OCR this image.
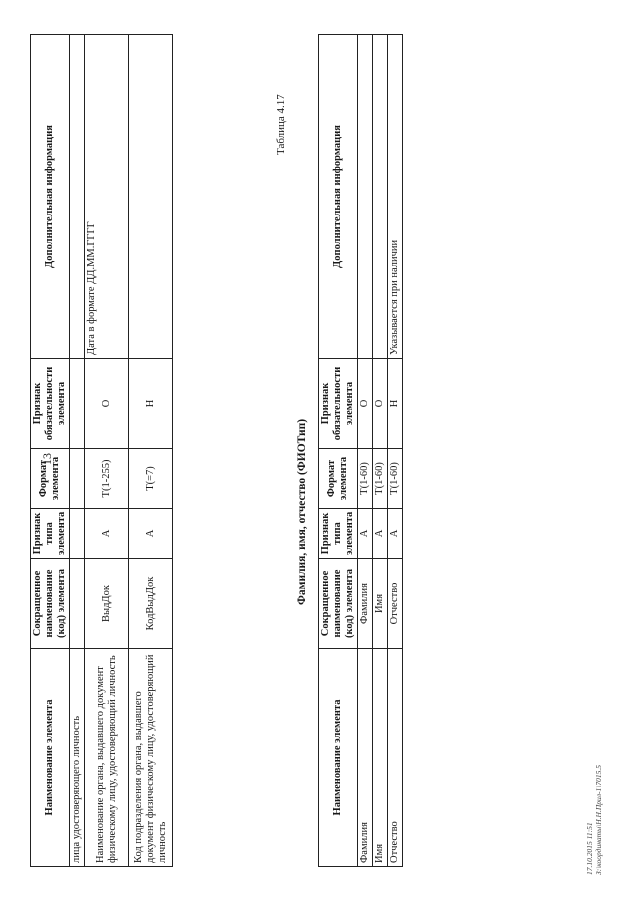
13
Наименование элемента	Сокращенное наименование (код) элемента	Признак типа элемента	Формат элемента	Признак обязательности элемента	Дополнительная информация
лица удостоверяющего личность					
Наименование органа, выдавшего документ физическому лицу, удостоверяющий личность	ВыдДок	А	T(1-255)	О	Дата в формате ДД.ММ.ГГГГ
Код подразделения органа, выдавшего документ физическому лицу, удостоверяющий личность	КодВыдДок	А	T(=7)	Н	
Таблица 4.17
Фамилия, имя, отчество (ФИОТип)
Наименование элемента	Сокращенное наименование (код) элемента	Признак типа элемента	Формат элемента	Признак обязательности элемента	Дополнительная информация
Фамилия	Фамилия	А	T(1-60)	О	
Имя	Имя	А	T(1-60)	О	
Отчество	Отчество	А	T(1-60)	Н	Указывается при наличии
17.10.2015 11:51 З:\координаты\Н.Н.Прил-1\7015.5
